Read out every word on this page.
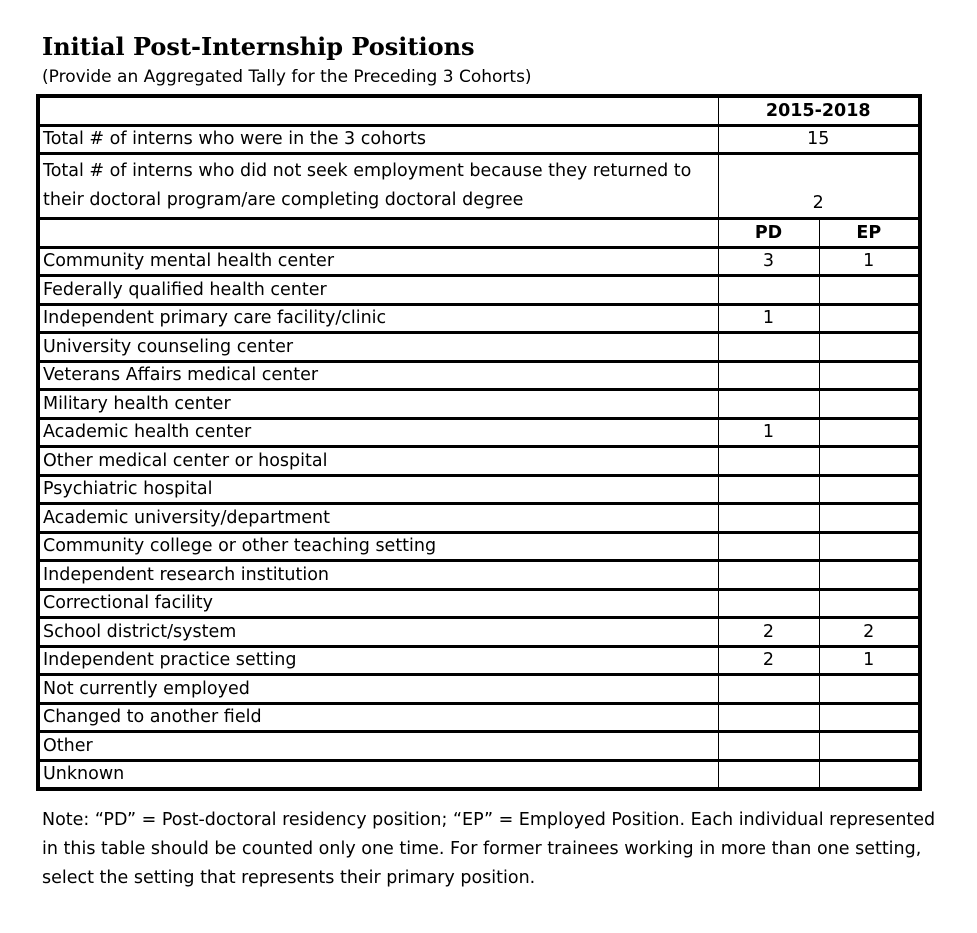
Initial Post-Internship Positions
(Provide an Aggregated Tally for the Preceding 3 Cohorts)
	2015-2018	
Total # of interns who were in the 3 cohorts	15	
Total # of interns who did not seek employment because they returned to their doctoral program/are completing doctoral degree	2	
	PD	EP
Community mental health center	3	1
Federally qualified health center		
Independent primary care facility/clinic	1	
University counseling center		
Veterans Affairs medical center		
Military health center		
Academic health center	1	
Other medical center or hospital		
Psychiatric hospital		
Academic university/department		
Community college or other teaching setting		
Independent research institution		
Correctional facility		
School district/system	2	2
Independent practice setting	2	1
Not currently employed		
Changed to another field		
Other		
Unknown		
Note: “PD” = Post-doctoral residency position; “EP” = Employed Position. Each individual represented in this table should be counted only one time. For former trainees working in more than one setting, select the setting that represents their primary position.
